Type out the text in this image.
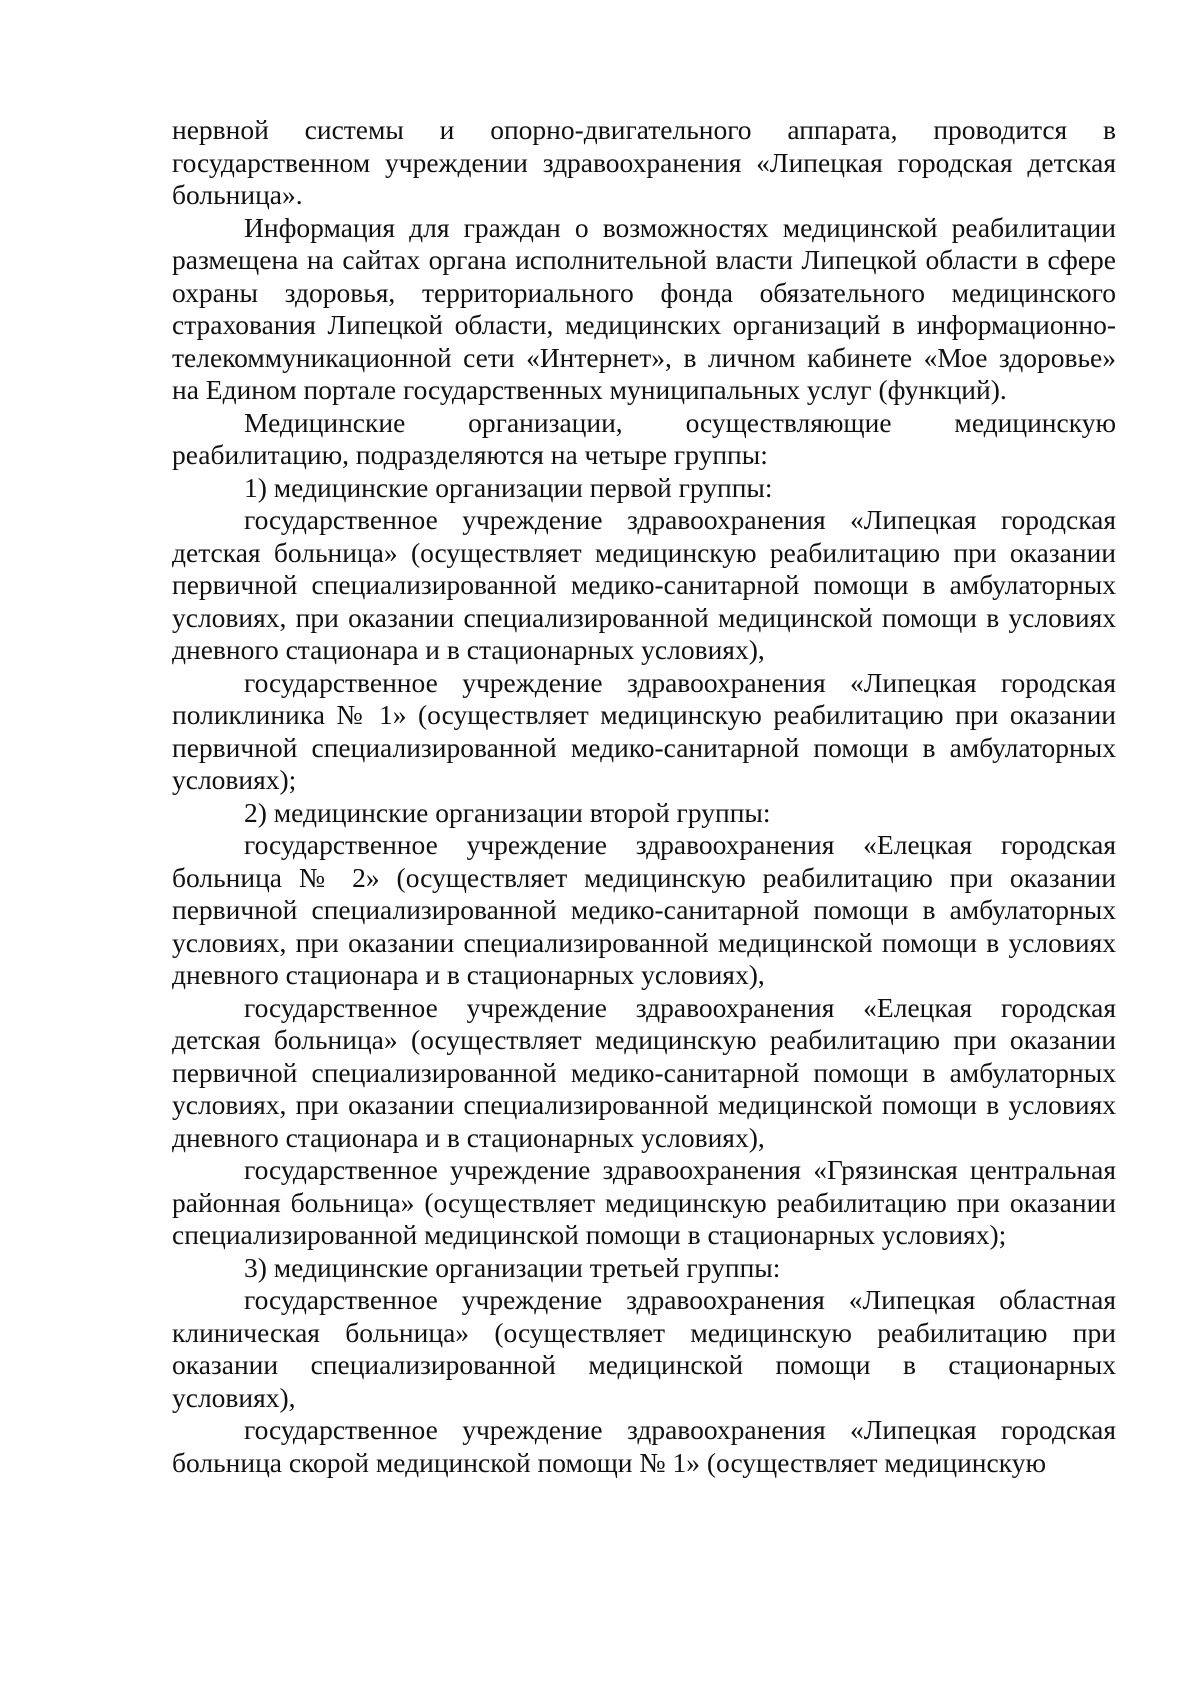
нервной системы и опорно-двигательного аппарата, проводится в государственном учреждении здравоохранения «Липецкая городская детская больница».

Информация для граждан о возможностях медицинской реабилитации размещена на сайтах органа исполнительной власти Липецкой области в сфере охраны здоровья, территориального фонда обязательного медицинского страхования Липецкой области, медицинских организаций в информационно-телекоммуникационной сети «Интернет», в личном кабинете «Мое здоровье» на Едином портале государственных муниципальных услуг (функций).

Медицинские организации, осуществляющие медицинскую реабилитацию, подразделяются на четыре группы:

1) медицинские организации первой группы:

государственное учреждение здравоохранения «Липецкая городская детская больница» (осуществляет медицинскую реабилитацию при оказании первичной специализированной медико-санитарной помощи в амбулаторных условиях, при оказании специализированной медицинской помощи в условиях дневного стационара и в стационарных условиях),

государственное учреждение здравоохранения «Липецкая городская поликлиника № 1» (осуществляет медицинскую реабилитацию при оказании первичной специализированной медико-санитарной помощи в амбулаторных условиях);

2) медицинские организации второй группы:

государственное учреждение здравоохранения «Елецкая городская больница № 2» (осуществляет медицинскую реабилитацию при оказании первичной специализированной медико-санитарной помощи в амбулаторных условиях, при оказании специализированной медицинской помощи в условиях дневного стационара и в стационарных условиях),

государственное учреждение здравоохранения «Елецкая городская детская больница» (осуществляет медицинскую реабилитацию при оказании первичной специализированной медико-санитарной помощи в амбулаторных условиях, при оказании специализированной медицинской помощи в условиях дневного стационара и в стационарных условиях),

государственное учреждение здравоохранения «Грязинская центральная районная больница» (осуществляет медицинскую реабилитацию при оказании специализированной медицинской помощи в стационарных условиях);

3) медицинские организации третьей группы:

государственное учреждение здравоохранения «Липецкая областная клиническая больница» (осуществляет медицинскую реабилитацию при оказании специализированной медицинской помощи в стационарных условиях),

государственное учреждение здравоохранения «Липецкая городская больница скорой медицинской помощи № 1» (осуществляет медицинскую
